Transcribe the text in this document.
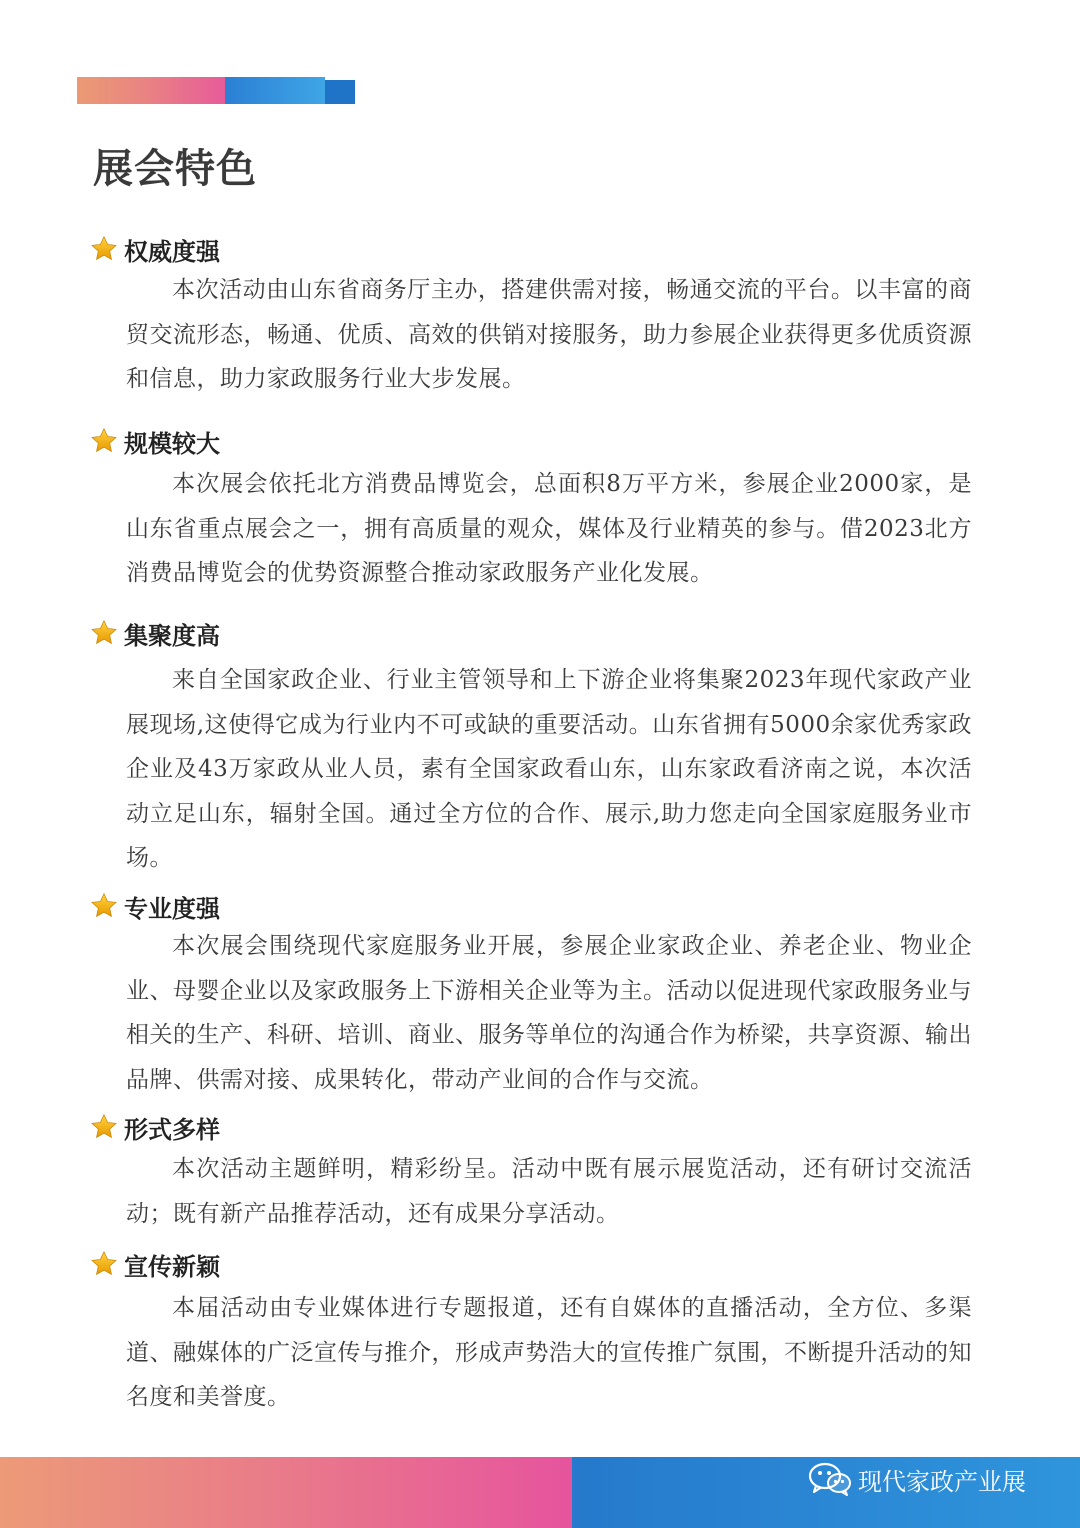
展会特色
权威度强

本次活动由山东省商务厅主办，搭建供需对接，畅通交流的平台。以丰富的商贸交流形态，畅通、优质、高效的供销对接服务，助力参展企业获得更多优质资源和信息，助力家政服务行业大步发展。

规模较大

本次展会依托北方消费品博览会，总面积8万平方米，参展企业2000家，是山东省重点展会之一，拥有高质量的观众，媒体及行业精英的参与。借2023北方消费品博览会的优势资源整合推动家政服务产业化发展。

集聚度高

来自全国家政企业、行业主管领导和上下游企业将集聚2023年现代家政产业展现场,这使得它成为行业内不可或缺的重要活动。山东省拥有5000余家优秀家政企业及43万家政从业人员，素有全国家政看山东，山东家政看济南之说，本次活动立足山东，辐射全国。通过全方位的合作、展示,助力您走向全国家庭服务业市场。

专业度强

本次展会围绕现代家庭服务业开展，参展企业家政企业、养老企业、物业企业、母婴企业以及家政服务上下游相关企业等为主。活动以促进现代家政服务业与相关的生产、科研、培训、商业、服务等单位的沟通合作为桥梁，共享资源、输出品牌、供需对接、成果转化，带动产业间的合作与交流。

形式多样

本次活动主题鲜明，精彩纷呈。活动中既有展示展览活动，还有研讨交流活动；既有新产品推荐活动，还有成果分享活动。

宣传新颖

本届活动由专业媒体进行专题报道，还有自媒体的直播活动，全方位、多渠道、融媒体的广泛宣传与推介，形成声势浩大的宣传推广氛围，不断提升活动的知名度和美誉度。

现代家政产业展
